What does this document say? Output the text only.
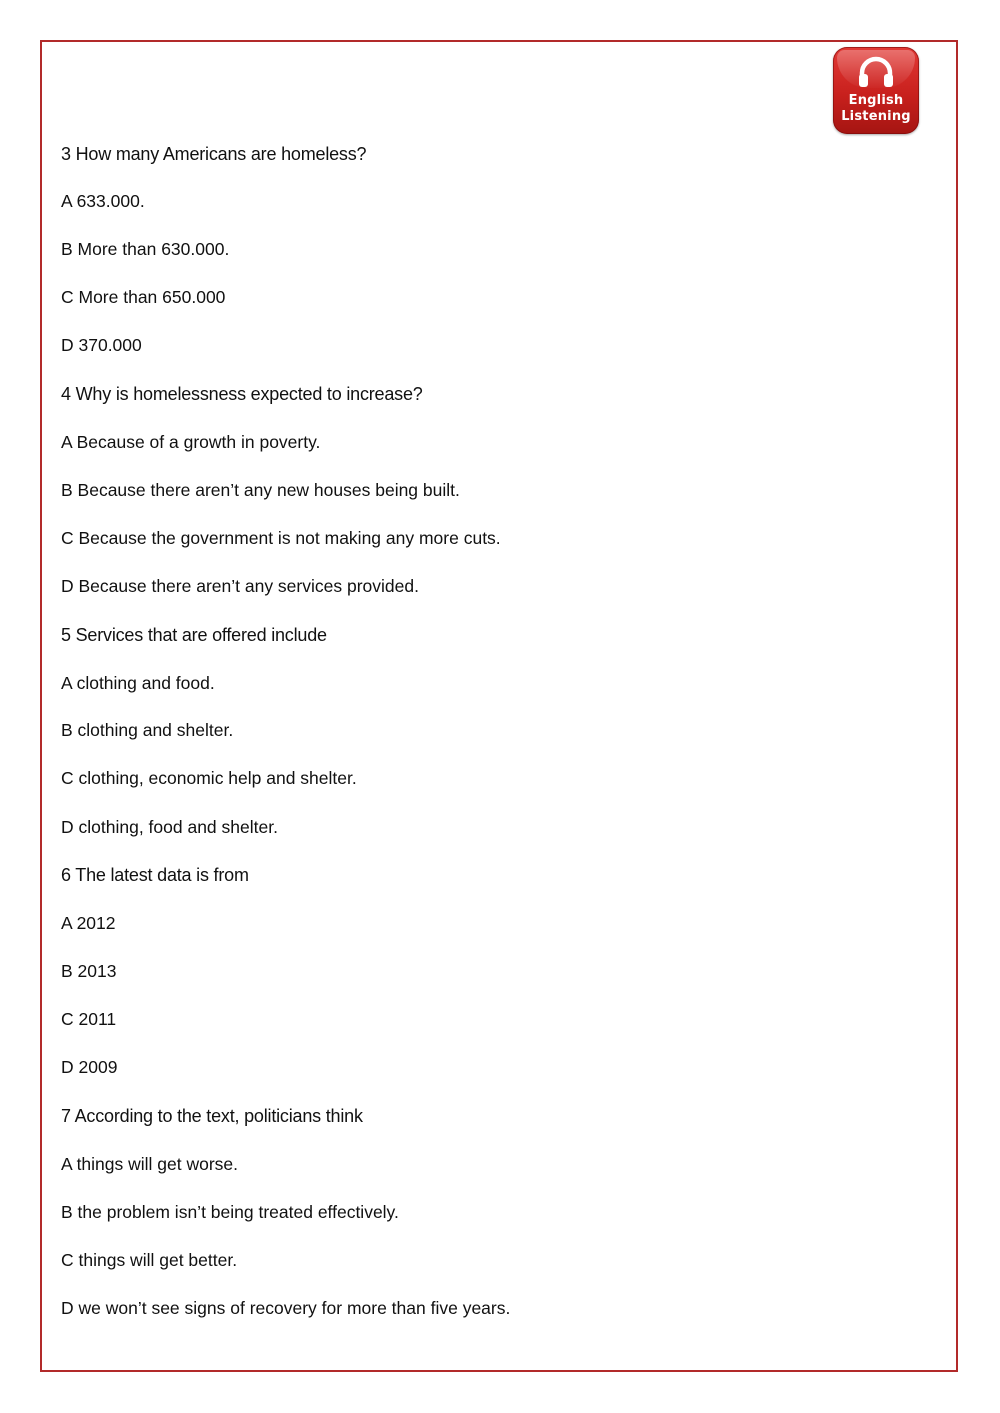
English
Listening
3 How many Americans are homeless?
A 633.000.
B More than 630.000.
C More than 650.000
D 370.000
4 Why is homelessness expected to increase?
A Because of a growth in poverty.
B Because there aren’t any new houses being built.
C Because the government is not making any more cuts.
D Because there aren’t any services provided.
5 Services that are offered include
A clothing and food.
B clothing and shelter.
C clothing, economic help and shelter.
D clothing, food and shelter.
6 The latest data is from
A 2012
B 2013
C 2011
D 2009
7 According to the text, politicians think
A things will get worse.
B the problem isn’t being treated effectively.
C things will get better.
D we won’t see signs of recovery for more than five years.
